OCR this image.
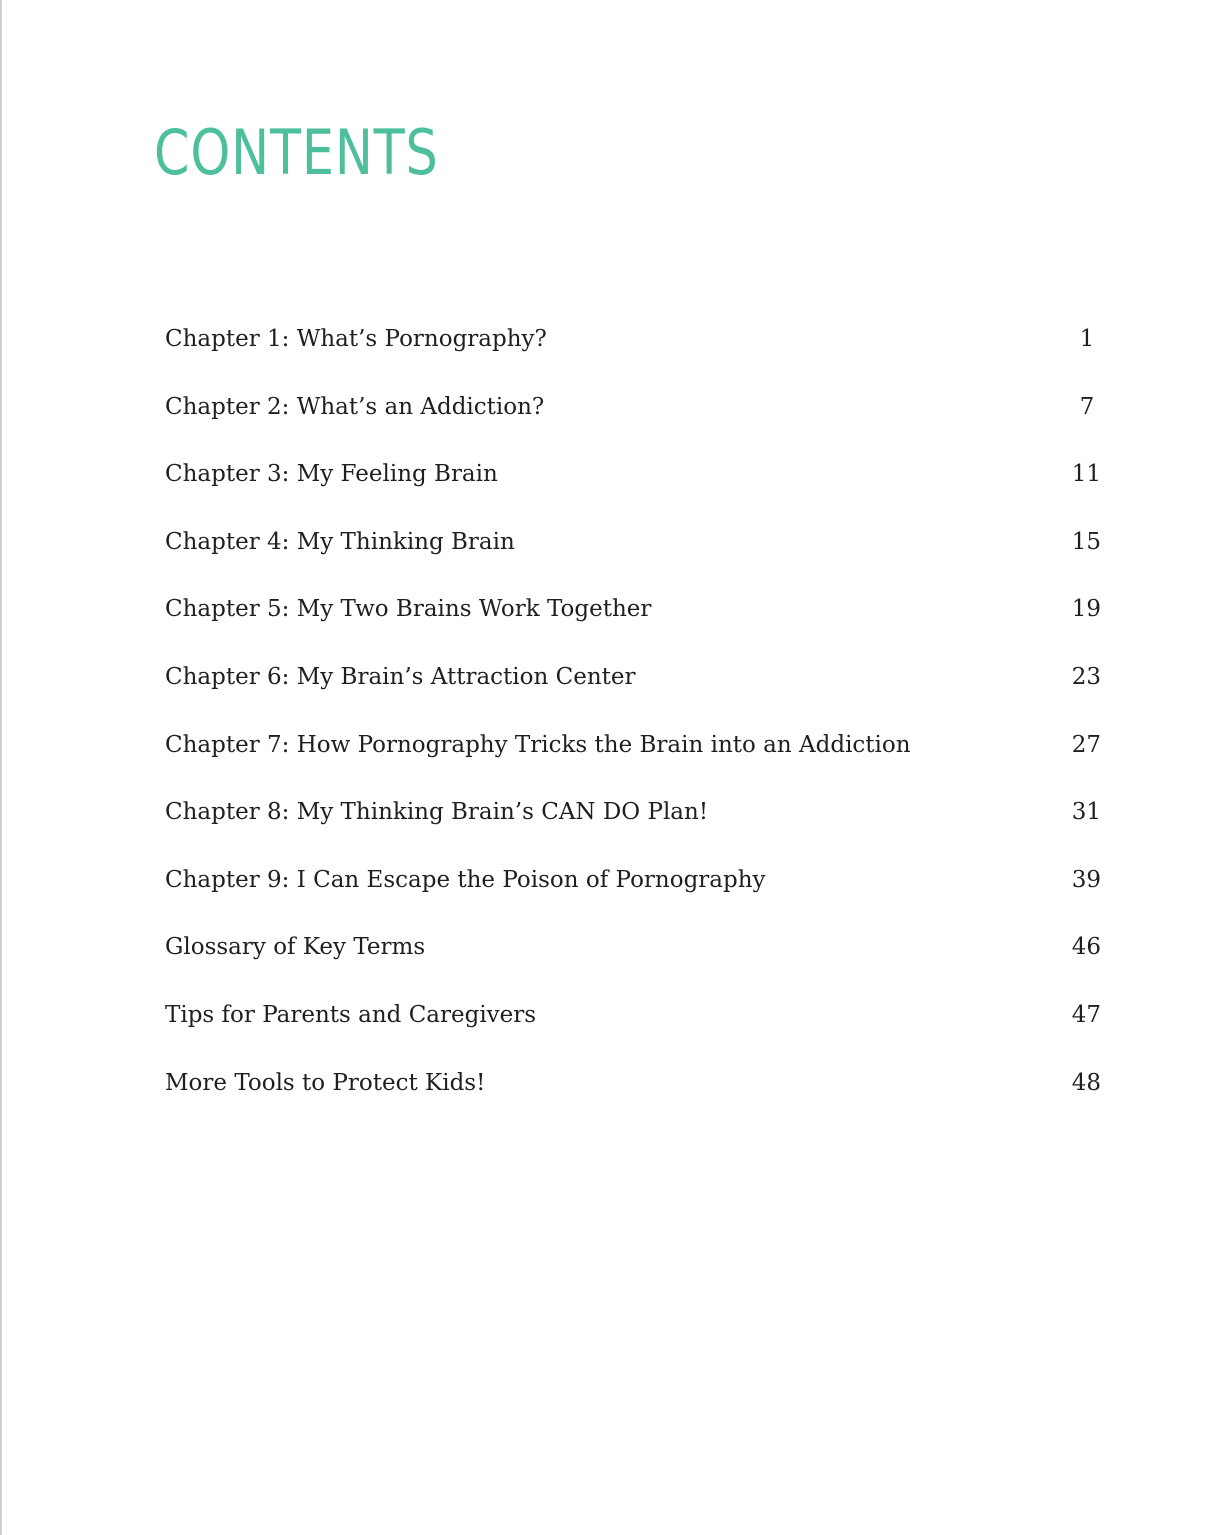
CONTENTS
Chapter 1: What’s Pornography?	1
Chapter 2: What’s an Addiction?	7
Chapter 3: My Feeling Brain	11
Chapter 4: My Thinking Brain	15
Chapter 5: My Two Brains Work Together	19
Chapter 6: My Brain’s Attraction Center	23
Chapter 7: How Pornography Tricks the Brain into an Addiction	27
Chapter 8: My Thinking Brain’s CAN DO Plan!	31
Chapter 9: I Can Escape the Poison of Pornography	39
Glossary of Key Terms	46
Tips for Parents and Caregivers	47
More Tools to Protect Kids!	48
